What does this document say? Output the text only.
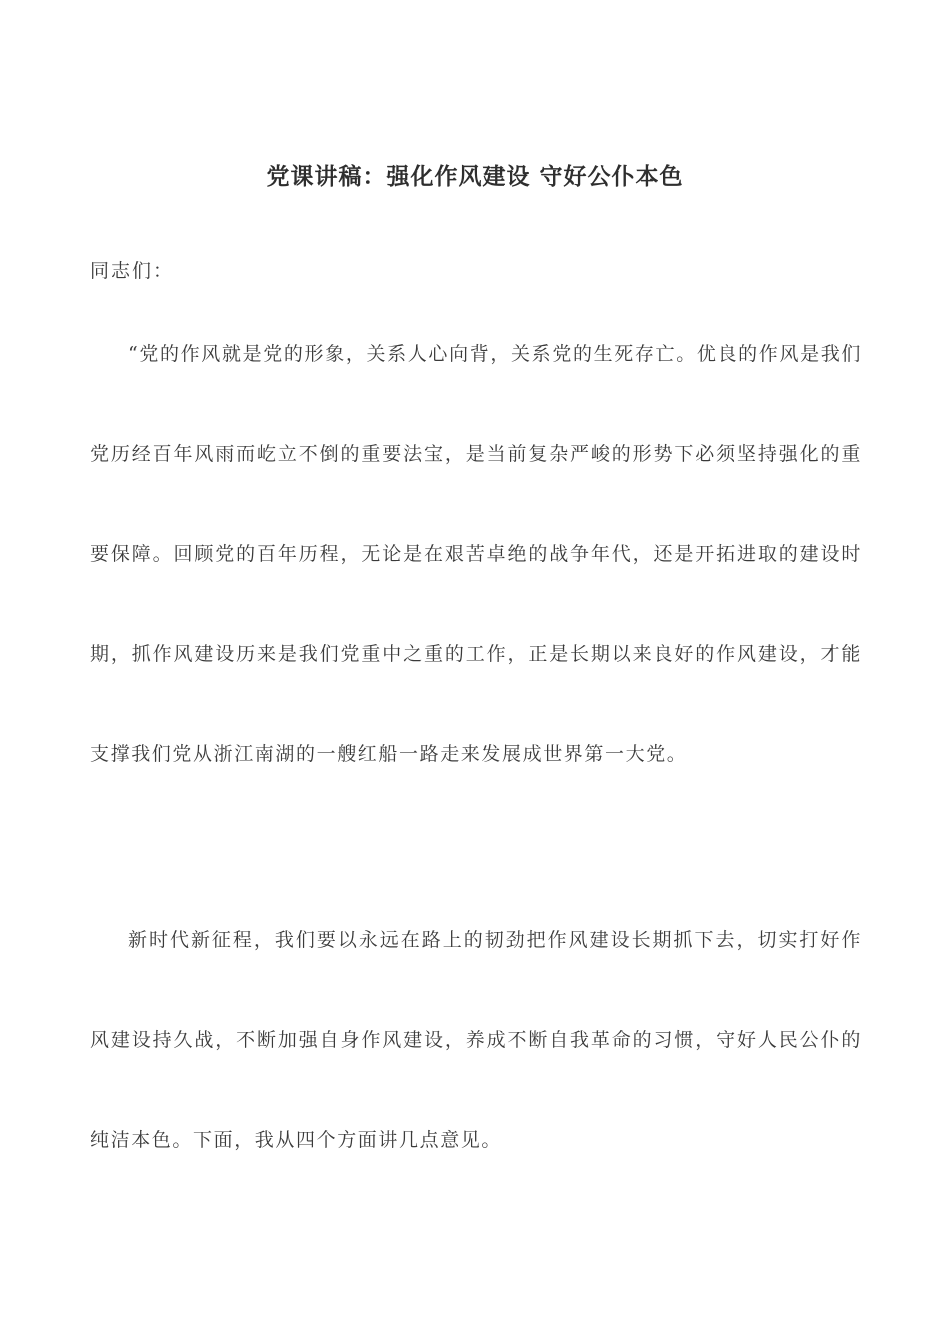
党课讲稿：强化作风建设 守好公仆本色
同志们：

“党的作风就是党的形象，关系人心向背，关系党的生死存亡。优良的作风是我们党历经百年风雨而屹立不倒的重要法宝，是当前复杂严峻的形势下必须坚持强化的重要保障。回顾党的百年历程，无论是在艰苦卓绝的战争年代，还是开拓进取的建设时期，抓作风建设历来是我们党重中之重的工作，正是长期以来良好的作风建设，才能支撑我们党从浙江南湖的一艘红船一路走来发展成世界第一大党。

新时代新征程，我们要以永远在路上的韧劲把作风建设长期抓下去，切实打好作风建设持久战，不断加强自身作风建设，养成不断自我革命的习惯，守好人民公仆的纯洁本色。下面，我从四个方面讲几点意见。
